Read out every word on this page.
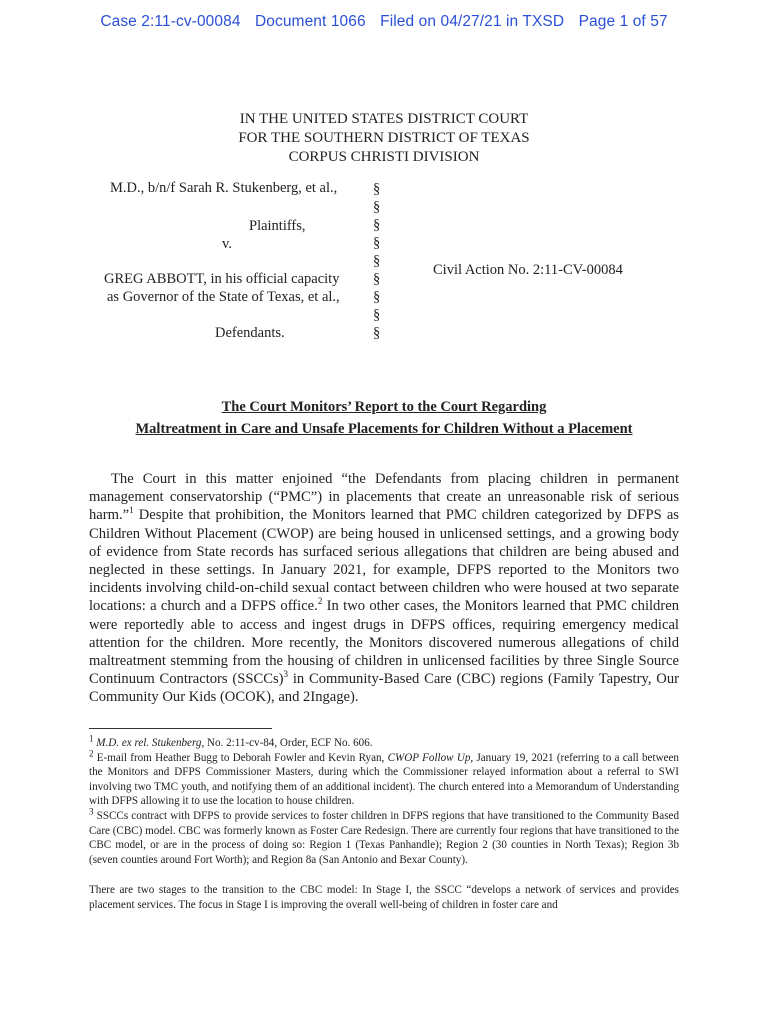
Case 2:11-cv-00084 Document 1066 Filed on 04/27/21 in TXSD Page 1 of 57
IN THE UNITED STATES DISTRICT COURT
FOR THE SOUTHERN DISTRICT OF TEXAS
CORPUS CHRISTI DIVISION
M.D., b/n/f Sarah R. Stukenberg, et al.,
Plaintiffs,
v.
GREG ABBOTT, in his official capacity
as Governor of the State of Texas, et al.,
Defendants.
Civil Action No. 2:11-CV-00084
§
§
§
§
§
§
§
§
§
The Court Monitors’ Report to the Court Regarding
Maltreatment in Care and Unsafe Placements for Children Without a Placement

The Court in this matter enjoined “the Defendants from placing children in permanent management conservatorship (“PMC”) in placements that create an unreasonable risk of serious harm.”$^1$ Despite that prohibition, the Monitors learned that PMC children categorized by DFPS as Children Without Placement (CWOP) are being housed in unlicensed settings, and a growing body of evidence from State records has surfaced serious allegations that children are being abused and neglected in these settings. In January 2021, for example, DFPS reported to the Monitors two incidents involving child-on-child sexual contact between children who were housed at two separate locations: a church and a DFPS office.$^2$ In two other cases, the Monitors learned that PMC children were reportedly able to access and ingest drugs in DFPS offices, requiring emergency medical attention for the children. More recently, the Monitors discovered numerous allegations of child maltreatment stemming from the housing of children in unlicensed facilities by three Single Source Continuum Contractors (SSCCs)$^3$ in Community-Based Care (CBC) regions (Family Tapestry, Our Community Our Kids (OCOK), and 2Ingage).

$^1$ M.D. ex rel. Stukenberg, No. 2:11-cv-84, Order, ECF No. 606.

$^2$ E-mail from Heather Bugg to Deborah Fowler and Kevin Ryan, CWOP Follow Up, January 19, 2021 (referring to a call between the Monitors and DFPS Commissioner Masters, during which the Commissioner relayed information about a referral to SWI involving two TMC youth, and notifying them of an additional incident). The church entered into a Memorandum of Understanding with DFPS allowing it to use the location to house children.

$^3$ SSCCs contract with DFPS to provide services to foster children in DFPS regions that have transitioned to the Community Based Care (CBC) model. CBC was formerly known as Foster Care Redesign. There are currently four regions that have transitioned to the CBC model, or are in the process of doing so: Region 1 (Texas Panhandle); Region 2 (30 counties in North Texas); Region 3b (seven counties around Fort Worth); and Region 8a (San Antonio and Bexar County).

There are two stages to the transition to the CBC model: In Stage I, the SSCC “develops a network of services and provides placement services. The focus in Stage I is improving the overall well-being of children in foster care and
